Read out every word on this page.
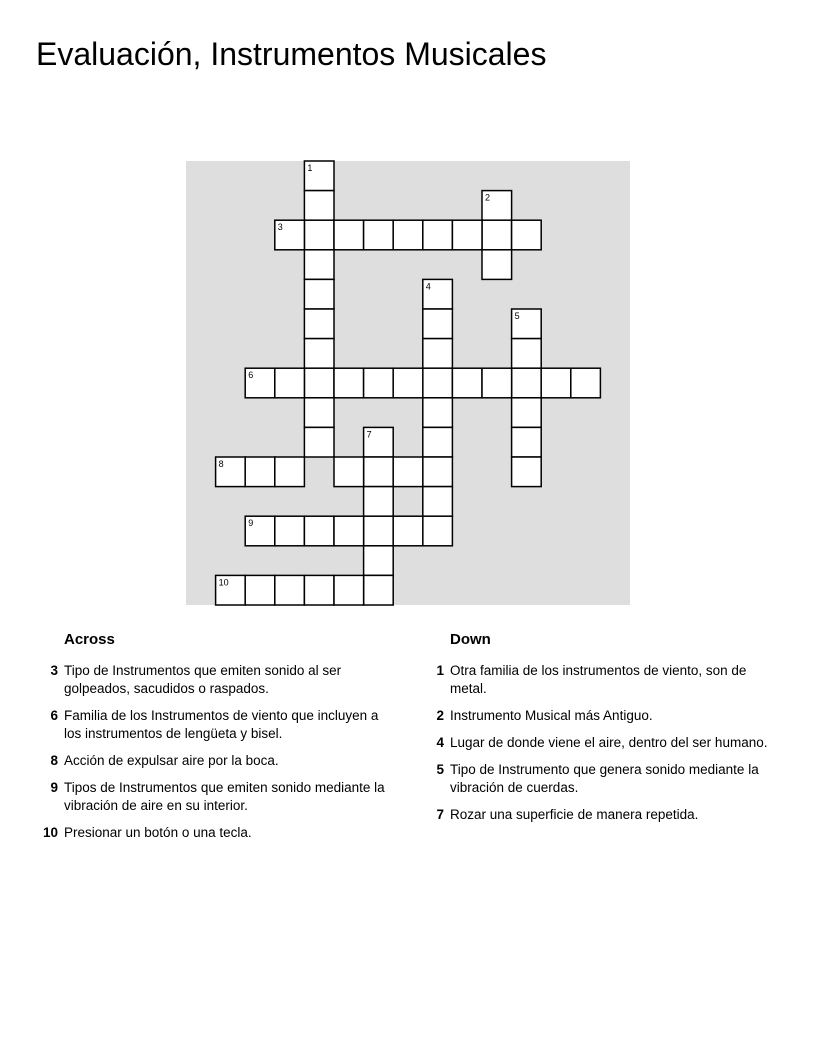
Evaluación, Instrumentos Musicales
1
2
3
4
5
6
7
8
9
10
Across
3 Tipo de Instrumentos que emiten sonido al ser golpeados, sacudidos o raspados.
6 Familia de los Instrumentos de viento que incluyen a los instrumentos de lengüeta y bisel.
8 Acción de expulsar aire por la boca.
9 Tipos de Instrumentos que emiten sonido mediante la vibración de aire en su interior.
10 Presionar un botón o una tecla.
Down
1 Otra familia de los instrumentos de viento, son de metal.
2 Instrumento Musical más Antiguo.
4 Lugar de donde viene el aire, dentro del ser humano.
5 Tipo de Instrumento que genera sonido mediante la vibración de cuerdas.
7 Rozar una superficie de manera repetida.
